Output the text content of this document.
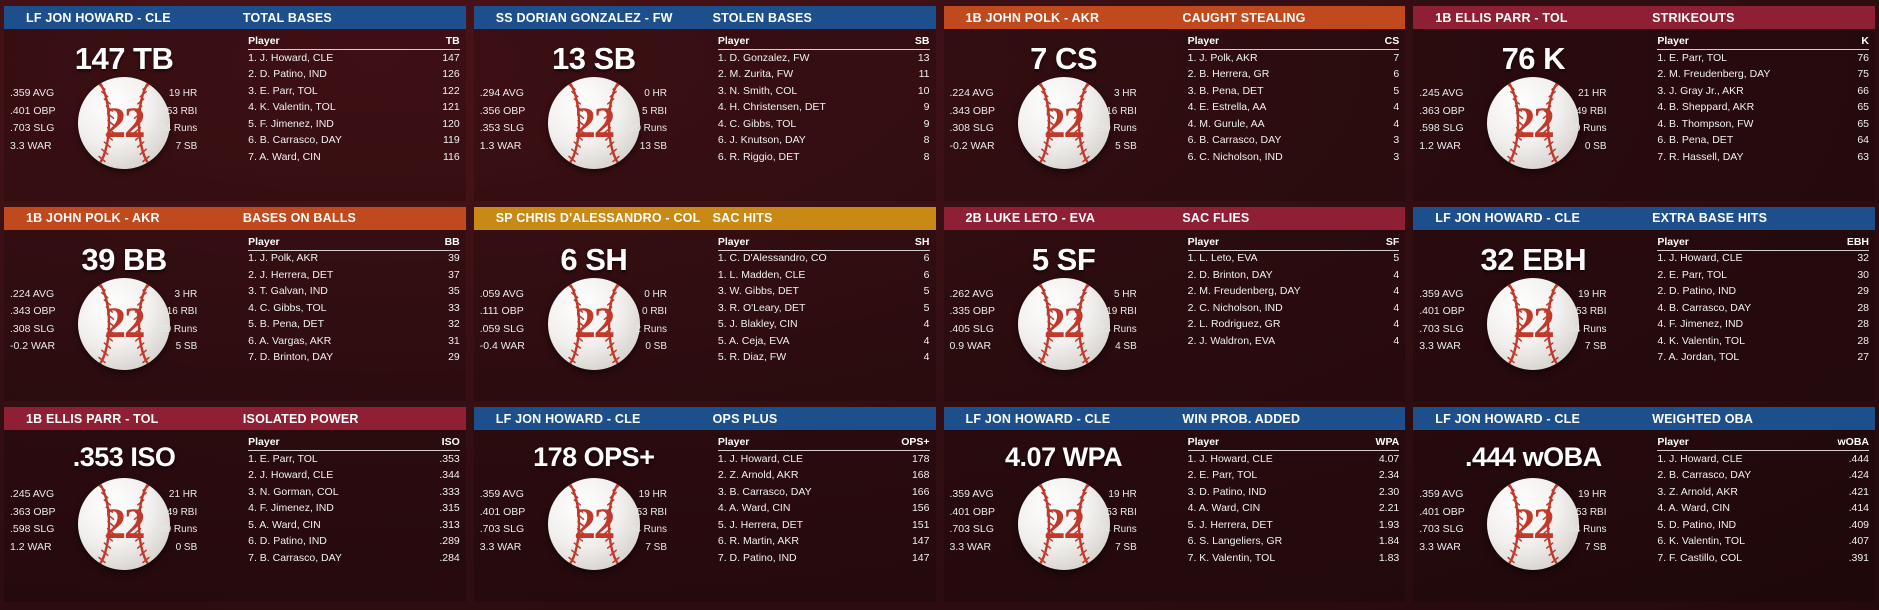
LF JON HOWARD - CLE	TOTAL BASES
147 TB
22
.359 AVG
.401 OBP
.703 SLG
3.3 WAR
19 HR
53 RBI
34 Runs
7 SB
Player	TB
1. J. Howard, CLE	147
2. D. Patino, IND	126
3. E. Parr, TOL	122
4. K. Valentin, TOL	121
5. F. Jimenez, IND	120
6. B. Carrasco, DAY	119
7. A. Ward, CIN	116
SS DORIAN GONZALEZ - FW	STOLEN BASES
13 SB
22
.294 AVG
.356 OBP
.353 SLG
1.3 WAR
0 HR
5 RBI
20 Runs
13 SB
Player	SB
1. D. Gonzalez, FW	13
2. M. Zurita, FW	11
3. N. Smith, COL	10
4. H. Christensen, DET	9
4. C. Gibbs, TOL	9
6. J. Knutson, DAY	8
6. R. Riggio, DET	8
1B JOHN POLK - AKR	CAUGHT STEALING
7 CS
22
.224 AVG
.343 OBP
.308 SLG
-0.2 WAR
3 HR
16 RBI
39 Runs
5 SB
Player	CS
1. J. Polk, AKR	7
2. B. Herrera, GR	6
3. B. Pena, DET	5
4. E. Estrella, AA	4
4. M. Gurule, AA	4
6. B. Carrasco, DAY	3
6. C. Nicholson, IND	3
1B ELLIS PARR - TOL	STRIKEOUTS
76 K
22
.245 AVG
.363 OBP
.598 SLG
1.2 WAR
21 HR
49 RBI
49 Runs
0 SB
Player	K
1. E. Parr, TOL	76
2. M. Freudenberg, DAY	75
3. J. Gray Jr., AKR	66
4. B. Sheppard, AKR	65
4. B. Thompson, FW	65
6. B. Pena, DET	64
7. R. Hassell, DAY	63
1B JOHN POLK - AKR	BASES ON BALLS
39 BB
22
.224 AVG
.343 OBP
.308 SLG
-0.2 WAR
3 HR
16 RBI
39 Runs
5 SB
Player	BB
1. J. Polk, AKR	39
2. J. Herrera, DET	37
3. T. Galvan, IND	35
4. C. Gibbs, TOL	33
5. B. Pena, DET	32
6. A. Vargas, AKR	31
7. D. Brinton, DAY	29
SP CHRIS D'ALESSANDRO - COL SAC HITS
6 SH
22
.059 AVG
.111 OBP
.059 SLG
-0.4 WAR
0 HR
0 RBI
2 Runs
0 SB
Player	SH
1. C. D'Alessandro, CO	6
1. L. Madden, CLE	6
3. W. Gibbs, DET	5
3. R. O'Leary, DET	5
5. J. Blakley, CIN	4
5. A. Ceja, EVA	4
5. R. Diaz, FW	4
2B LUKE LETO - EVA	SAC FLIES
5 SF
22
.262 AVG
.335 OBP
.405 SLG
0.9 WAR
5 HR
19 RBI
23 Runs
4 SB
Player	SF
1. L. Leto, EVA	5
2. D. Brinton, DAY	4
2. M. Freudenberg, DAY	4
2. C. Nicholson, IND	4
2. L. Rodriguez, GR	4
2. J. Waldron, EVA	4
LF JON HOWARD - CLE	EXTRA BASE HITS
32 EBH
22
.359 AVG
.401 OBP
.703 SLG
3.3 WAR
19 HR
53 RBI
34 Runs
7 SB
Player	EBH
1. J. Howard, CLE	32
2. E. Parr, TOL	30
2. D. Patino, IND	29
4. B. Carrasco, DAY	28
4. F. Jimenez, IND	28
4. K. Valentin, TOL	28
7. A. Jordan, TOL	27
1B ELLIS PARR - TOL	ISOLATED POWER
.353 ISO
22
.245 AVG
.363 OBP
.598 SLG
1.2 WAR
21 HR
49 RBI
49 Runs
0 SB
Player	ISO
1. E. Parr, TOL	.353
2. J. Howard, CLE	.344
3. N. Gorman, COL	.333
4. F. Jimenez, IND	.315
5. A. Ward, CIN	.313
6. D. Patino, IND	.289
7. B. Carrasco, DAY	.284
LF JON HOWARD - CLE	OPS PLUS
178 OPS+
22
.359 AVG
.401 OBP
.703 SLG
3.3 WAR
19 HR
53 RBI
34 Runs
7 SB
Player	OPS+
1. J. Howard, CLE	178
2. Z. Arnold, AKR	168
3. B. Carrasco, DAY	166
4. A. Ward, CIN	156
5. J. Herrera, DET	151
6. R. Martin, AKR	147
7. D. Patino, IND	147
LF JON HOWARD - CLE	WIN PROB. ADDED
4.07 WPA
22
.359 AVG
.401 OBP
.703 SLG
3.3 WAR
19 HR
53 RBI
34 Runs
7 SB
Player	WPA
1. J. Howard, CLE	4.07
2. E. Parr, TOL	2.34
3. D. Patino, IND	2.30
4. A. Ward, CIN	2.21
5. J. Herrera, DET	1.93
6. S. Langeliers, GR	1.84
7. K. Valentin, TOL	1.83
LF JON HOWARD - CLE	WEIGHTED OBA
.444 wOBA
22
.359 AVG
.401 OBP
.703 SLG
3.3 WAR
19 HR
53 RBI
34 Runs
7 SB
Player	wOBA
1. J. Howard, CLE	.444
2. B. Carrasco, DAY	.424
3. Z. Arnold, AKR	.421
4. A. Ward, CIN	.414
5. D. Patino, IND	.409
6. K. Valentin, TOL	.407
7. F. Castillo, COL	.391
